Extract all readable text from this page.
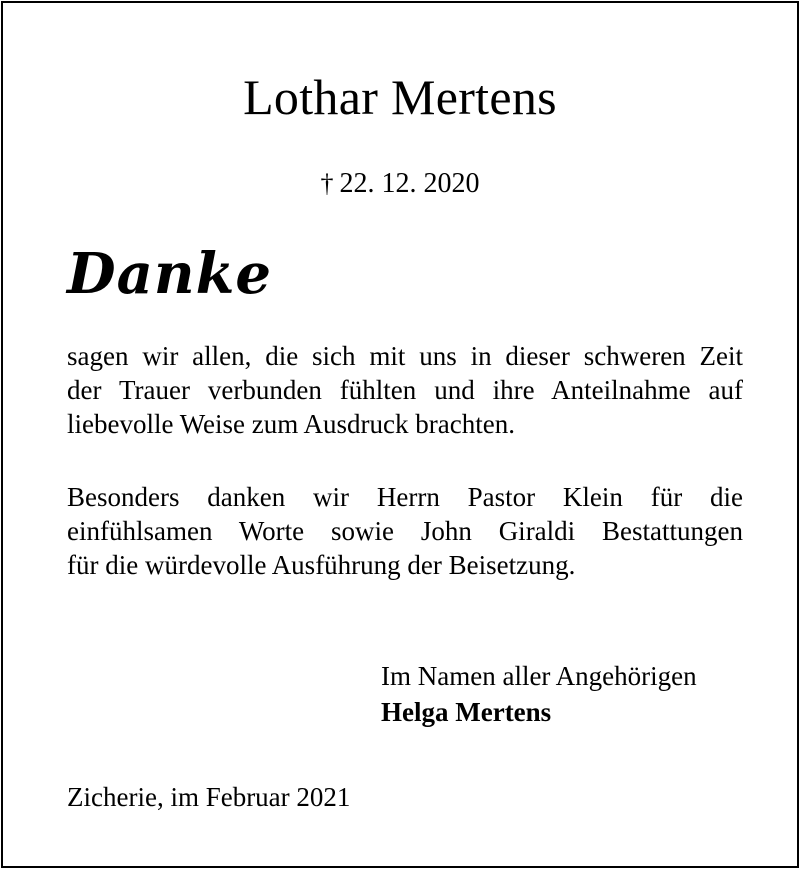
Lothar Mertens
† 22. 12. 2020
Danke
sagen wir allen, die sich mit uns in dieser schweren Zeit
der Trauer verbunden fühlten und ihre Anteilnahme auf
liebevolle Weise zum Ausdruck brachten.
Besonders danken wir Herrn Pastor Klein für die
einfühlsamen Worte sowie John Giraldi Bestattungen
für die würdevolle Ausführung der Beisetzung.
Im Namen aller Angehörigen
Helga Mertens
Zicherie, im Februar 2021
